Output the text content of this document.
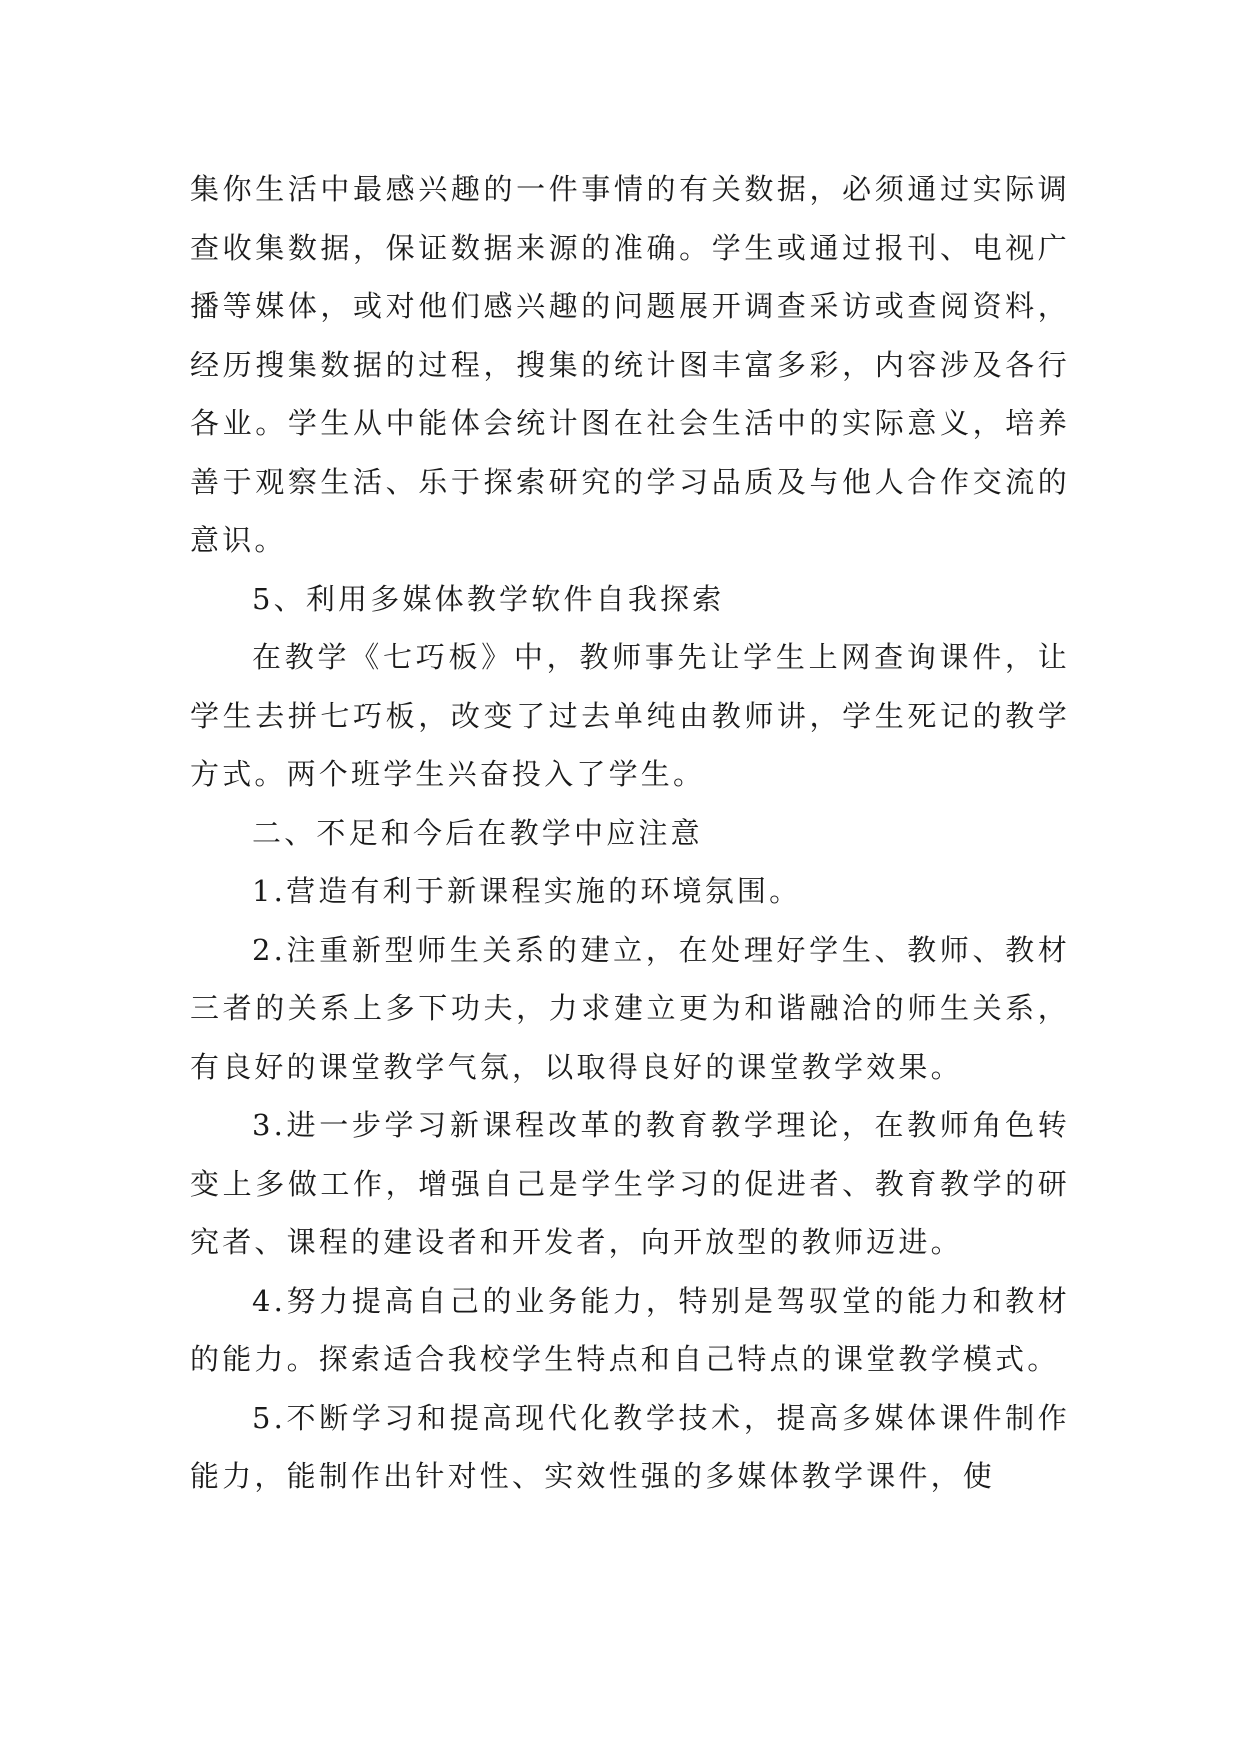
集你生活中最感兴趣的一件事情的有关数据，必须通过实际调查收集数据，保证数据来源的准确。学生或通过报刊、电视广播等媒体，或对他们感兴趣的问题展开调查采访或查阅资料，经历搜集数据的过程，搜集的统计图丰富多彩，内容涉及各行各业。学生从中能体会统计图在社会生活中的实际意义，培养善于观察生活、乐于探索研究的学习品质及与他人合作交流的意识。

5、利用多媒体教学软件自我探索

在教学《七巧板》中，教师事先让学生上网查询课件，让学生去拼七巧板，改变了过去单纯由教师讲，学生死记的教学方式。两个班学生兴奋投入了学生。

二、不足和今后在教学中应注意

1.营造有利于新课程实施的环境氛围。

2.注重新型师生关系的建立，在处理好学生、教师、教材三者的关系上多下功夫，力求建立更为和谐融洽的师生关系，有良好的课堂教学气氛，以取得良好的课堂教学效果。

3.进一步学习新课程改革的教育教学理论，在教师角色转变上多做工作，增强自己是学生学习的促进者、教育教学的研究者、课程的建设者和开发者，向开放型的教师迈进。

4.努力提高自己的业务能力，特别是驾驭堂的能力和教材的能力。探索适合我校学生特点和自己特点的课堂教学模式。

5.不断学习和提高现代化教学技术，提高多媒体课件制作能力，能制作出针对性、实效性强的多媒体教学课件，使
